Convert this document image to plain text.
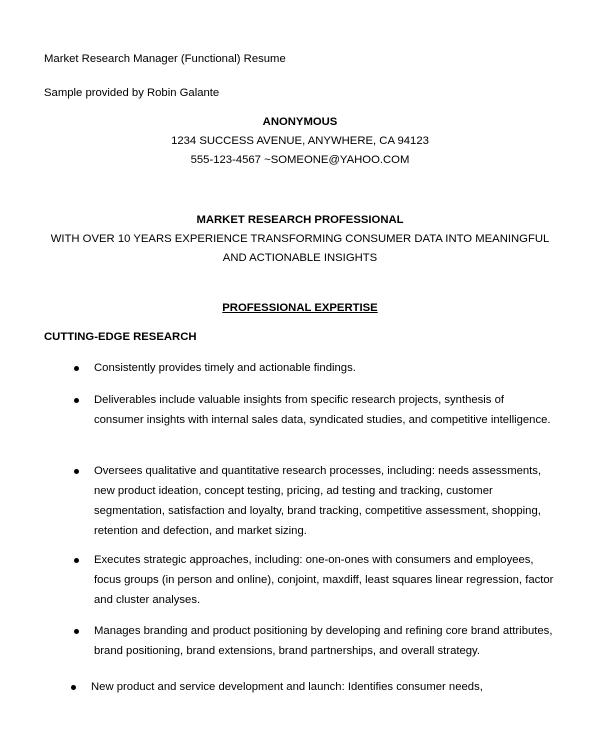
Market Research Manager (Functional) Resume
Sample provided by Robin Galante
ANONYMOUS
1234 SUCCESS AVENUE, ANYWHERE, CA 94123
555-123-4567 ~SOMEONE@YAHOO.COM
MARKET RESEARCH PROFESSIONAL
WITH OVER 10 YEARS EXPERIENCE TRANSFORMING CONSUMER DATA INTO MEANINGFUL
AND ACTIONABLE INSIGHTS
PROFESSIONAL EXPERTISE
CUTTING-EDGE RESEARCH
Consistently provides timely and actionable findings.
Deliverables include valuable insights from specific research projects, synthesis of consumer insights with internal sales data, syndicated studies, and competitive intelligence.
Oversees qualitative and quantitative research processes, including: needs assessments, new product ideation, concept testing, pricing, ad testing and tracking, customer segmentation, satisfaction and loyalty, brand tracking, competitive assessment, shopping, retention and defection, and market sizing.
Executes strategic approaches, including: one-on-ones with consumers and employees, focus groups (in person and online), conjoint, maxdiff, least squares linear regression, factor and cluster analyses.
Manages branding and product positioning by developing and refining core brand attributes, brand positioning, brand extensions, brand partnerships, and overall strategy.
New product and service development and launch: Identifies consumer needs,
